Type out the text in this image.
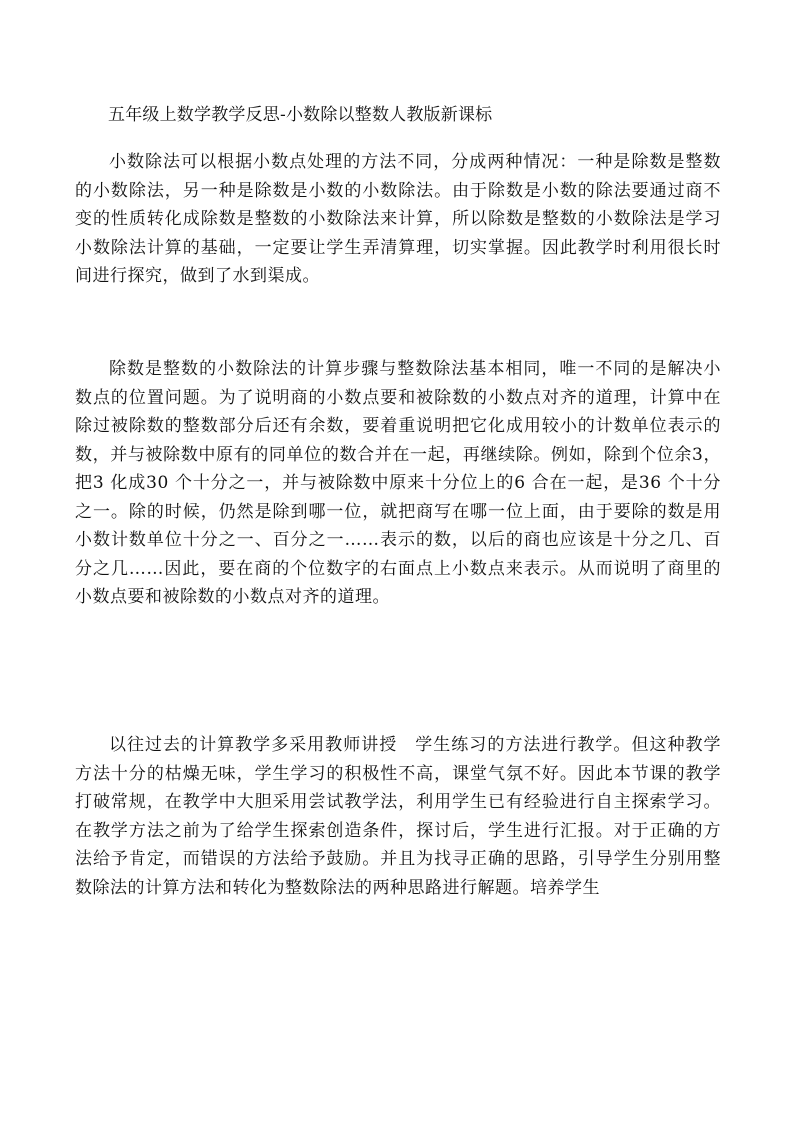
五年级上数学教学反思-小数除以整数人教版新课标

小数除法可以根据小数点处理的方法不同，分成两种情况：一种是除数是整数的小数除法，另一种是除数是小数的小数除法。由于除数是小数的除法要通过商不变的性质转化成除数是整数的小数除法来计算，所以除数是整数的小数除法是学习小数除法计算的基础，一定要让学生弄清算理，切实掌握。因此教学时利用很长时间进行探究，做到了水到渠成。

除数是整数的小数除法的计算步骤与整数除法基本相同，唯一不同的是解决小数点的位置问题。为了说明商的小数点要和被除数的小数点对齐的道理，计算中在除过被除数的整数部分后还有余数，要着重说明把它化成用较小的计数单位表示的　数，并与被除数中原有的同单位的数合并在一起，再继续除。例如，除到个位余3，把3 化成30 个十分之一，并与被除数中原来十分位上的6 合在一起，是36 个十分之一。除的时候，仍然是除到哪一位，就把商写在哪一位上面，由于要除的数是用小数计数单位十分之一、百分之一……表示的数，以后的商也应该是十分之几、百分之几……因此，要在商的个位数字的右面点上小数点来表示。从而说明了商里的小数点要和被除数的小数点对齐的道理。

以往过去的计算教学多采用教师讲授　学生练习的方法进行教学。但这种教学方法十分的枯燥无味，学生学习的积极性不高，课堂气氛不好。因此本节课的教学打破常规，在教学中大胆采用尝试教学法，利用学生已有经验进行自主探索学习。在教学方法之前为了给学生探索创造条件，探讨后，学生进行汇报。对于正确的方法给予肯定，而错误的方法给予鼓励。并且为找寻正确的思路，引导学生分别用整数除法的计算方法和转化为整数除法的两种思路进行解题。培养学生
